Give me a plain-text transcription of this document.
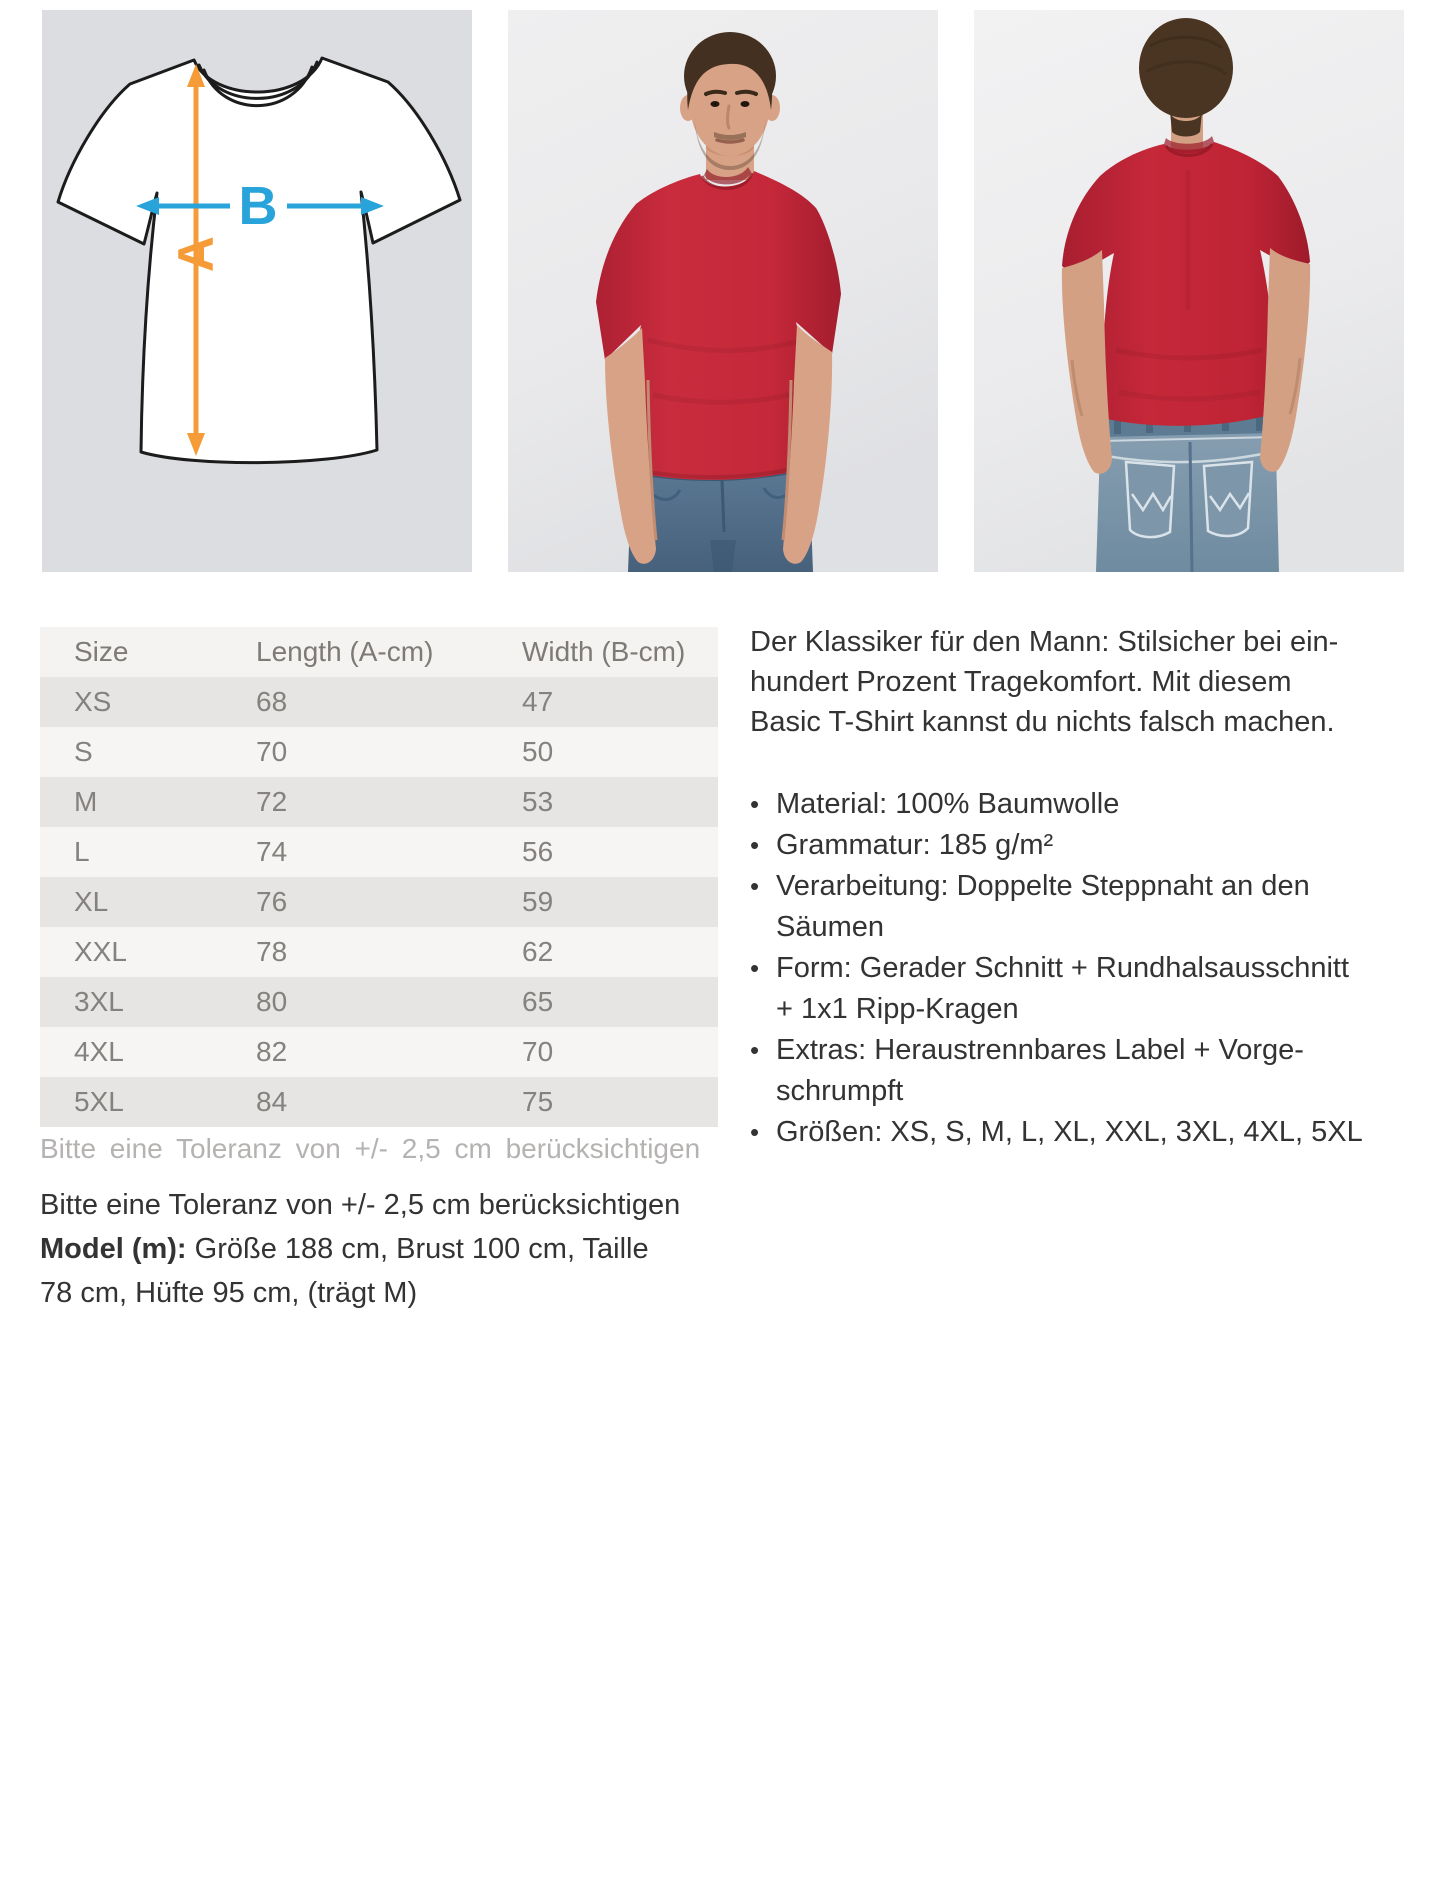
A
B
Size	Length (A-cm)	Width (B-cm)
XS	68	47
S	70	50
M	72	53
L	74	56
XL	76	59
XXL	78	62
3XL	80	65
4XL	82	70
5XL	84	75
Bitte eine Toleranz von +/- 2,5 cm berücksichtigen
Der Klassiker für den Mann: Stilsicher bei ein-
hundert Prozent Tragekomfort. Mit diesem
Basic T-Shirt kannst du nichts falsch machen.
• Material: 100% Baumwolle
• Grammatur: 185 g/m²
• Verarbeitung: Doppelte Steppnaht an den
Säumen
• Form: Gerader Schnitt + Rundhalsausschnitt
+ 1x1 Ripp-Kragen
• Extras: Heraustrennbares Label + Vorge-
schrumpft
• Größen: XS, S, M, L, XL, XXL, 3XL, 4XL, 5XL
Bitte eine Toleranz von +/- 2,5 cm berücksichtigen
Model (m): Größe 188 cm, Brust 100 cm, Taille
78 cm, Hüfte 95 cm, (trägt M)
